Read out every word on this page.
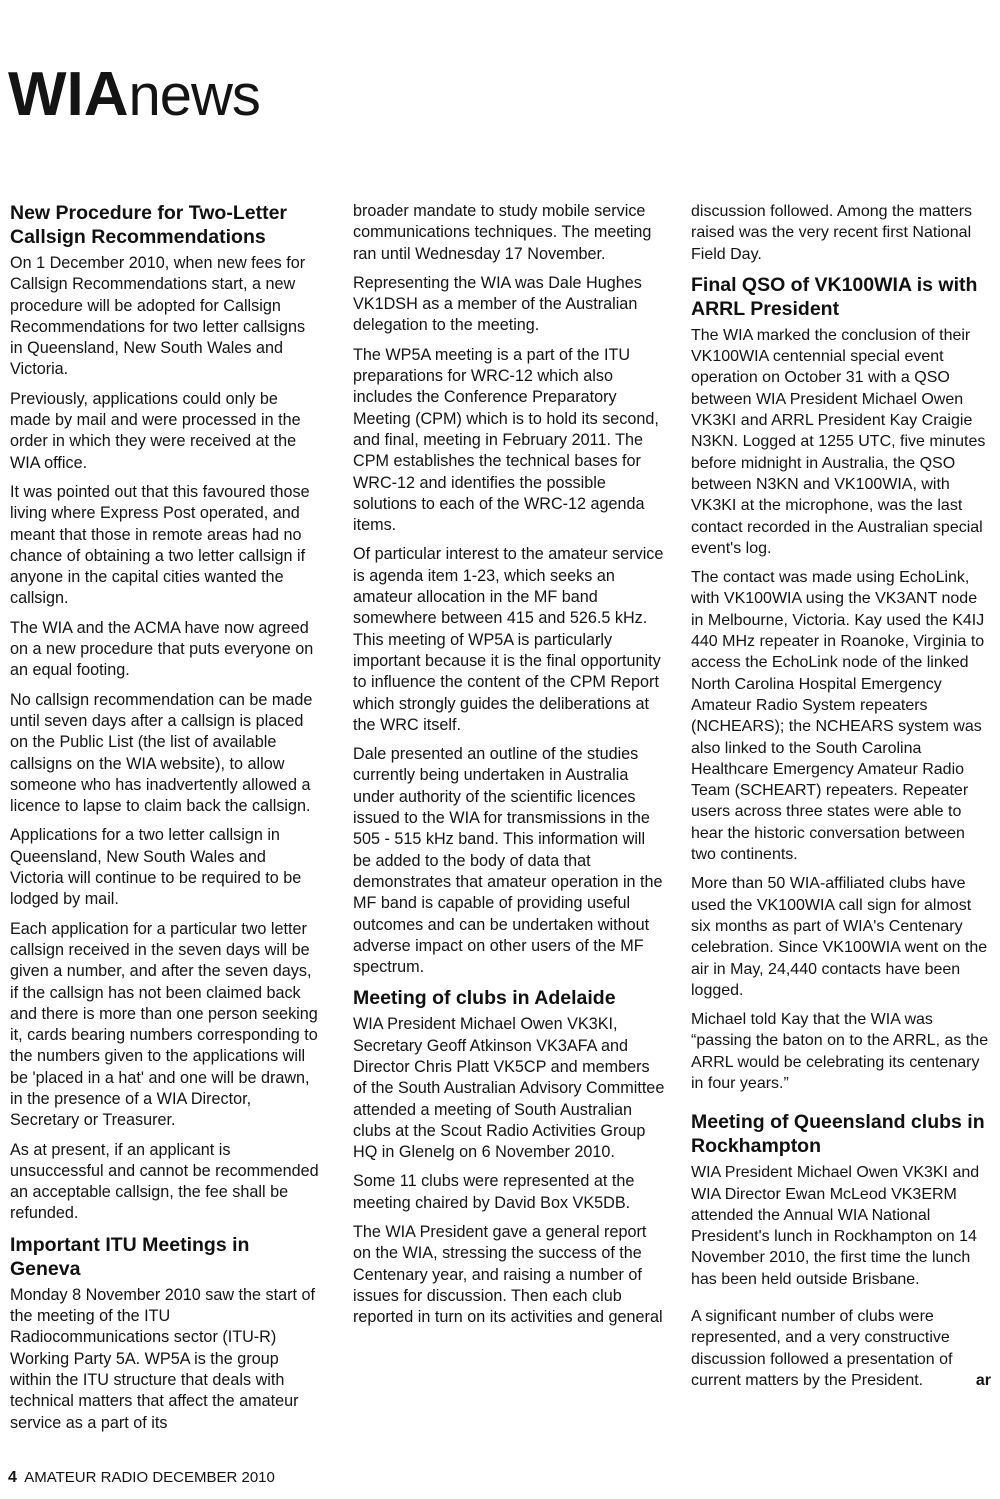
WIAnews
New Procedure for Two-Letter Callsign Recommendations

On 1 December 2010, when new fees for Callsign Recommendations start, a new procedure will be adopted for Callsign Recommendations for two letter callsigns in Queensland, New South Wales and Victoria.

Previously, applications could only be made by mail and were processed in the order in which they were received at the WIA office.

It was pointed out that this favoured those living where Express Post operated, and meant that those in remote areas had no chance of obtaining a two letter callsign if anyone in the capital cities wanted the callsign.

The WIA and the ACMA have now agreed on a new procedure that puts everyone on an equal footing.

No callsign recommendation can be made until seven days after a callsign is placed on the Public List (the list of available callsigns on the WIA website), to allow someone who has inadvertently allowed a licence to lapse to claim back the callsign.

Applications for a two letter callsign in Queensland, New South Wales and Victoria will continue to be required to be lodged by mail.

Each application for a particular two letter callsign received in the seven days will be given a number, and after the seven days, if the callsign has not been claimed back and there is more than one person seeking it, cards bearing numbers corresponding to the numbers given to the applications will be 'placed in a hat' and one will be drawn, in the presence of a WIA Director, Secretary or Treasurer.

As at present, if an applicant is unsuccessful and cannot be recommended an acceptable callsign, the fee shall be refunded.

Important ITU Meetings in Geneva

Monday 8 November 2010 saw the start of the meeting of the ITU Radiocommunications sector (ITU-R) Working Party 5A. WP5A is the group within the ITU structure that deals with technical matters that affect the amateur service as a part of its

broader mandate to study mobile service communications techniques. The meeting ran until Wednesday 17 November.

Representing the WIA was Dale Hughes VK1DSH as a member of the Australian delegation to the meeting.

The WP5A meeting is a part of the ITU preparations for WRC-12 which also includes the Conference Preparatory Meeting (CPM) which is to hold its second, and final, meeting in February 2011. The CPM establishes the technical bases for WRC-12 and identifies the possible solutions to each of the WRC-12 agenda items.

Of particular interest to the amateur service is agenda item 1-23, which seeks an amateur allocation in the MF band somewhere between 415 and 526.5 kHz. This meeting of WP5A is particularly important because it is the final opportunity to influence the content of the CPM Report which strongly guides the deliberations at the WRC itself.

Dale presented an outline of the studies currently being undertaken in Australia under authority of the scientific licences issued to the WIA for transmissions in the 505 - 515 kHz band. This information will be added to the body of data that demonstrates that amateur operation in the MF band is capable of providing useful outcomes and can be undertaken without adverse impact on other users of the MF spectrum.

Meeting of clubs in Adelaide

WIA President Michael Owen VK3KI, Secretary Geoff Atkinson VK3AFA and Director Chris Platt VK5CP and members of the South Australian Advisory Committee attended a meeting of South Australian clubs at the Scout Radio Activities Group HQ in Glenelg on 6 November 2010.

Some 11 clubs were represented at the meeting chaired by David Box VK5DB.

The WIA President gave a general report on the WIA, stressing the success of the Centenary year, and raising a number of issues for discussion. Then each club reported in turn on its activities and general

discussion followed. Among the matters raised was the very recent first National Field Day.

Final QSO of VK100WIA is with ARRL President

The WIA marked the conclusion of their VK100WIA centennial special event operation on October 31 with a QSO between WIA President Michael Owen VK3KI and ARRL President Kay Craigie N3KN. Logged at 1255 UTC, five minutes before midnight in Australia, the QSO between N3KN and VK100WIA, with VK3KI at the microphone, was the last contact recorded in the Australian special event's log.

The contact was made using EchoLink, with VK100WIA using the VK3ANT node in Melbourne, Victoria. Kay used the K4IJ 440 MHz repeater in Roanoke, Virginia to access the EchoLink node of the linked North Carolina Hospital Emergency Amateur Radio System repeaters (NCHEARS); the NCHEARS system was also linked to the South Carolina Healthcare Emergency Amateur Radio Team (SCHEART) repeaters. Repeater users across three states were able to hear the historic conversation between two continents.

More than 50 WIA-affiliated clubs have used the VK100WIA call sign for almost six months as part of WIA's Centenary celebration. Since VK100WIA went on the air in May, 24,440 contacts have been logged.

Michael told Kay that the WIA was “passing the baton on to the ARRL, as the ARRL would be celebrating its centenary in four years.”

Meeting of Queensland clubs in Rockhampton

WIA President Michael Owen VK3KI and WIA Director Ewan McLeod VK3ERM attended the Annual WIA National President's lunch in Rockhampton on 14 November 2010, the first time the lunch has been held outside Brisbane.

A significant number of clubs were represented, and a very constructive discussion followed a presentation of current matters by the President.	ar

4 AMATEUR RADIO DECEMBER 2010
